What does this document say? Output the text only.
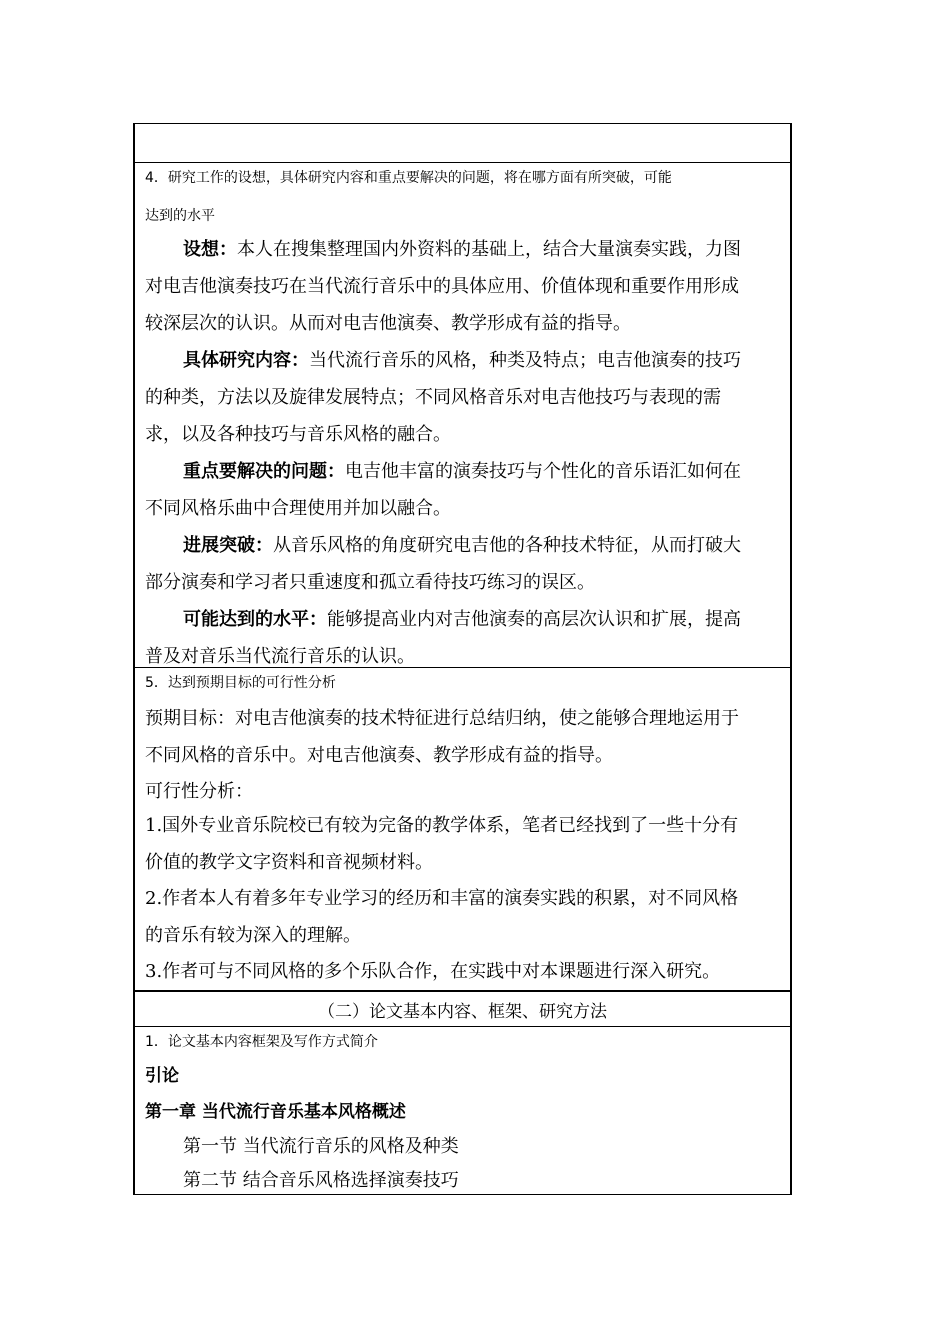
4．研究工作的设想，具体研究内容和重点要解决的问题，将在哪方面有所突破，可能
达到的水平
设想：本人在搜集整理国内外资料的基础上，结合大量演奏实践，力图
对电吉他演奏技巧在当代流行音乐中的具体应用、价值体现和重要作用形成
较深层次的认识。从而对电吉他演奏、教学形成有益的指导。
具体研究内容：当代流行音乐的风格，种类及特点；电吉他演奏的技巧
的种类，方法以及旋律发展特点；不同风格音乐对电吉他技巧与表现的需
求，以及各种技巧与音乐风格的融合。
重点要解决的问题：电吉他丰富的演奏技巧与个性化的音乐语汇如何在
不同风格乐曲中合理使用并加以融合。
进展突破：从音乐风格的角度研究电吉他的各种技术特征，从而打破大
部分演奏和学习者只重速度和孤立看待技巧练习的误区。
可能达到的水平：能够提高业内对吉他演奏的高层次认识和扩展，提高
普及对音乐当代流行音乐的认识。
5．达到预期目标的可行性分析
预期目标：对电吉他演奏的技术特征进行总结归纳，使之能够合理地运用于
不同风格的音乐中。对电吉他演奏、教学形成有益的指导。
可行性分析：
1.国外专业音乐院校已有较为完备的教学体系，笔者已经找到了一些十分有
价值的教学文字资料和音视频材料。
2.作者本人有着多年专业学习的经历和丰富的演奏实践的积累，对不同风格
的音乐有较为深入的理解。
3.作者可与不同风格的多个乐队合作，在实践中对本课题进行深入研究。
（二）论文基本内容、框架、研究方法
1．论文基本内容框架及写作方式简介
引论
第一章 当代流行音乐基本风格概述
第一节 当代流行音乐的风格及种类
第二节 结合音乐风格选择演奏技巧
